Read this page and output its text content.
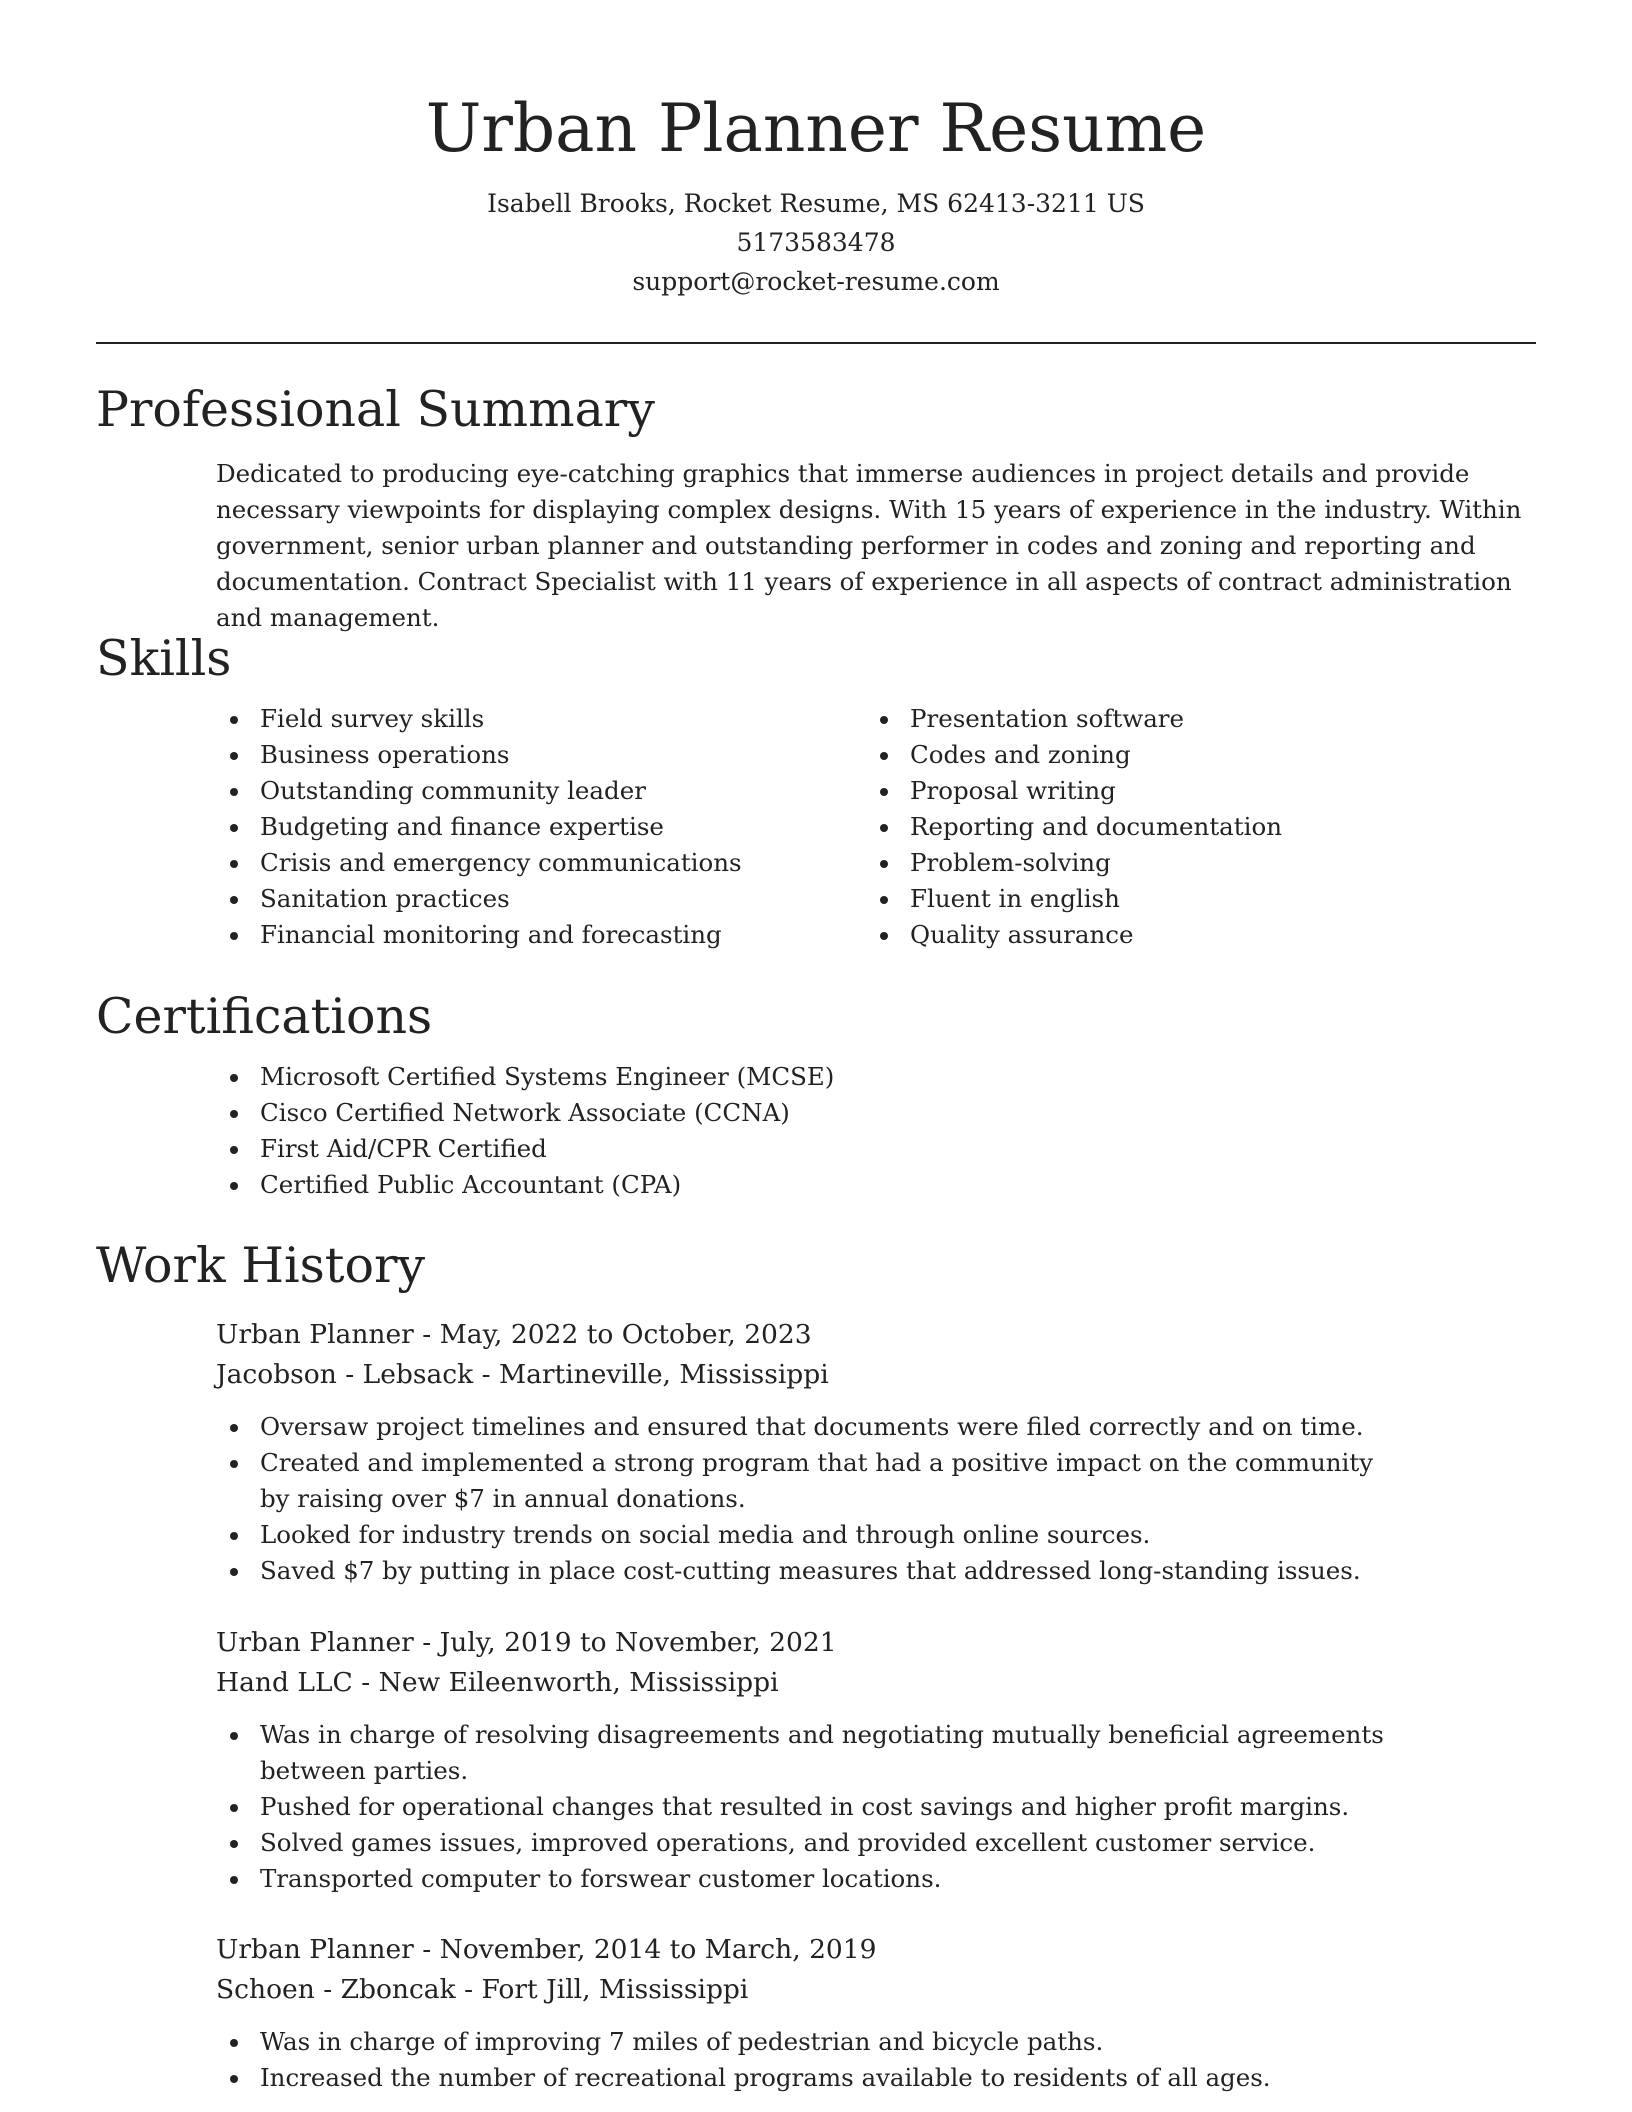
Urban Planner Resume
Isabell Brooks, Rocket Resume, MS 62413-3211 US
5173583478
support@rocket-resume.com
Professional Summary

Dedicated to producing eye-catching graphics that immerse audiences in project details and provide necessary viewpoints for displaying complex designs. With 15 years of experience in the industry. Within government, senior urban planner and outstanding performer in codes and zoning and reporting and documentation. Contract Specialist with 11 years of experience in all aspects of contract administration and management.

Skills
Field survey skills
Business operations
Outstanding community leader
Budgeting and finance expertise
Crisis and emergency communications
Sanitation practices
Financial monitoring and forecasting
Presentation software
Codes and zoning
Proposal writing
Reporting and documentation
Problem-solving
Fluent in english
Quality assurance
Certifications
Microsoft Certified Systems Engineer (MCSE)
Cisco Certified Network Associate (CCNA)
First Aid/CPR Certified
Certified Public Accountant (CPA)
Work History
Urban Planner - May, 2022 to October, 2023
Jacobson - Lebsack - Martineville, Mississippi
Oversaw project timelines and ensured that documents were filed correctly and on time.
Created and implemented a strong program that had a positive impact on the community by raising over $7 in annual donations.
Looked for industry trends on social media and through online sources.
Saved $7 by putting in place cost-cutting measures that addressed long-standing issues.
Urban Planner - July, 2019 to November, 2021
Hand LLC - New Eileenworth, Mississippi
Was in charge of resolving disagreements and negotiating mutually beneficial agreements between parties.
Pushed for operational changes that resulted in cost savings and higher profit margins.
Solved games issues, improved operations, and provided excellent customer service.
Transported computer to forswear customer locations.
Urban Planner - November, 2014 to March, 2019
Schoen - Zboncak - Fort Jill, Mississippi
Was in charge of improving 7 miles of pedestrian and bicycle paths.
Increased the number of recreational programs available to residents of all ages.
